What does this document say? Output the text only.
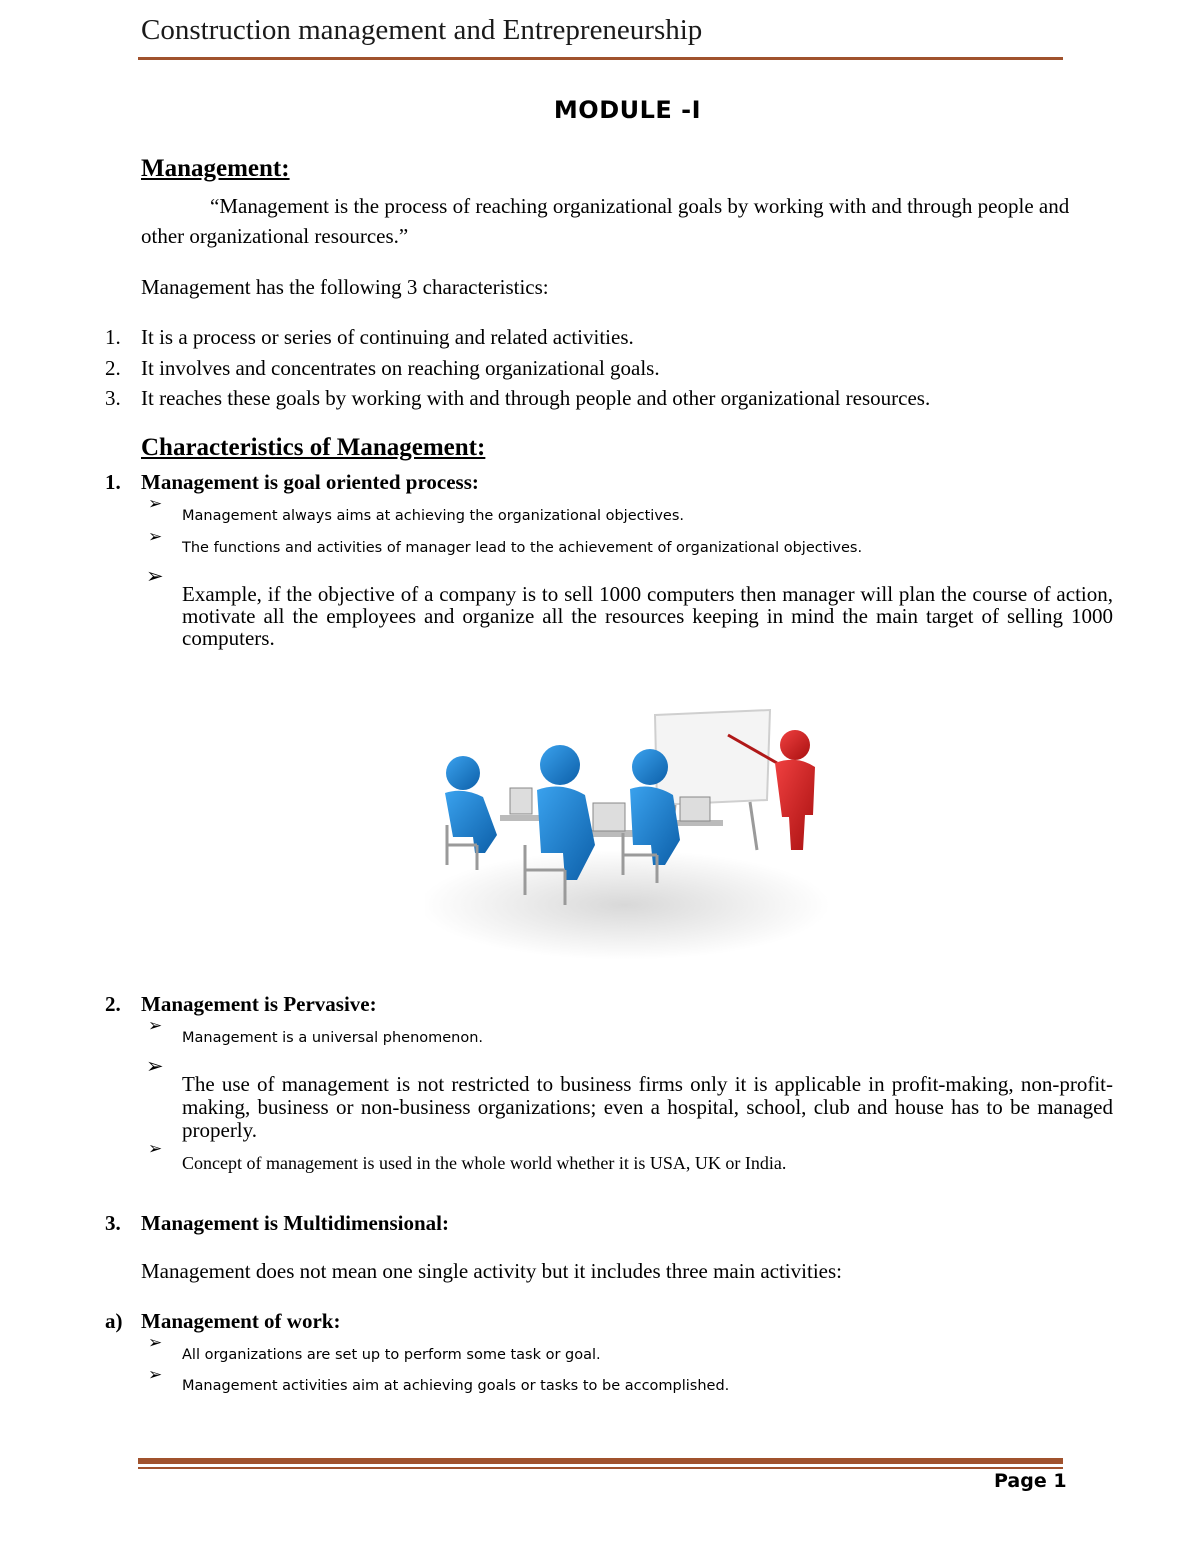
Construction management and Entrepreneurship
MODULE -I
Management:
“Management is the process of reaching organizational goals by working with and through people and other organizational resources.”
Management has the following 3 characteristics:
1. It is a process or series of continuing and related activities.
2. It involves and concentrates on reaching organizational goals.
3. It reaches these goals by working with and through people and other organizational resources.
Characteristics of Management:
1. Management is goal oriented process:
➢
Management always aims at achieving the organizational objectives.
➢
The functions and activities of manager lead to the achievement of organizational objectives.
➢
Example, if the objective of a company is to sell 1000 computers then manager will plan the course of action, motivate all the employees and organize all the resources keeping in mind the main target of selling 1000 computers.
2. Management is Pervasive:
➢
Management is a universal phenomenon.
➢
The use of management is not restricted to business firms only it is applicable in profit-making, non-profit-making, business or non-business organizations; even a hospital, school, club and house has to be managed properly.
➢
Concept of management is used in the whole world whether it is USA, UK or India.
3. Management is Multidimensional:
Management does not mean one single activity but it includes three main activities:
a) Management of work:
➢
All organizations are set up to perform some task or goal.
➢
Management activities aim at achieving goals or tasks to be accomplished.
Page 1
